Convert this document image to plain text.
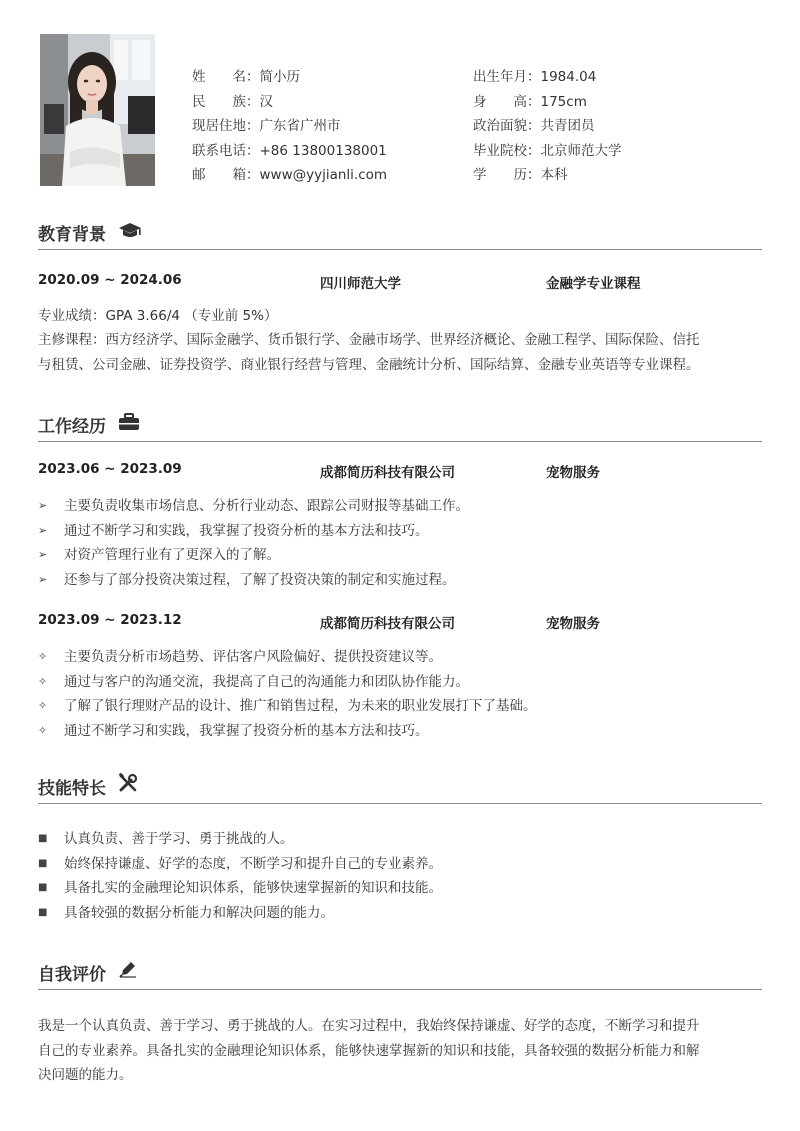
姓　　名：简小历
民　　族：汉
现居住地：广东省广州市
联系电话：+86 13800138001
邮　　箱：www@yyjianli.com
出生年月：1984.04
身　　高：175cm
政治面貌：共青团员
毕业院校：北京师范大学
学　　历：本科
教育背景
2020.09 ~ 2024.06	四川师范大学	金融学专业课程
专业成绩：GPA 3.66/4 （专业前 5%）
主修课程：西方经济学、国际金融学、货币银行学、金融市场学、世界经济概论、金融工程学、国际保险、信托
与租赁、公司金融、证券投资学、商业银行经营与管理、金融统计分析、国际结算、金融专业英语等专业课程。
工作经历
2023.06 ~ 2023.09	成都简历科技有限公司	宠物服务
➢	主要负责收集市场信息、分析行业动态、跟踪公司财报等基础工作。
➢	通过不断学习和实践，我掌握了投资分析的基本方法和技巧。
➢	对资产管理行业有了更深入的了解。
➢	还参与了部分投资决策过程，了解了投资决策的制定和实施过程。
2023.09 ~ 2023.12	成都简历科技有限公司	宠物服务
✧	主要负责分析市场趋势、评估客户风险偏好、提供投资建议等。
✧	通过与客户的沟通交流，我提高了自己的沟通能力和团队协作能力。
✧	了解了银行理财产品的设计、推广和销售过程，为未来的职业发展打下了基础。
✧	通过不断学习和实践，我掌握了投资分析的基本方法和技巧。
技能特长
■	认真负责、善于学习、勇于挑战的人。
■	始终保持谦虚、好学的态度，不断学习和提升自己的专业素养。
■	具备扎实的金融理论知识体系，能够快速掌握新的知识和技能。
■	具备较强的数据分析能力和解决问题的能力。
自我评价
我是一个认真负责、善于学习、勇于挑战的人。在实习过程中，我始终保持谦虚、好学的态度，不断学习和提升
自己的专业素养。具备扎实的金融理论知识体系，能够快速掌握新的知识和技能，具备较强的数据分析能力和解
决问题的能力。
